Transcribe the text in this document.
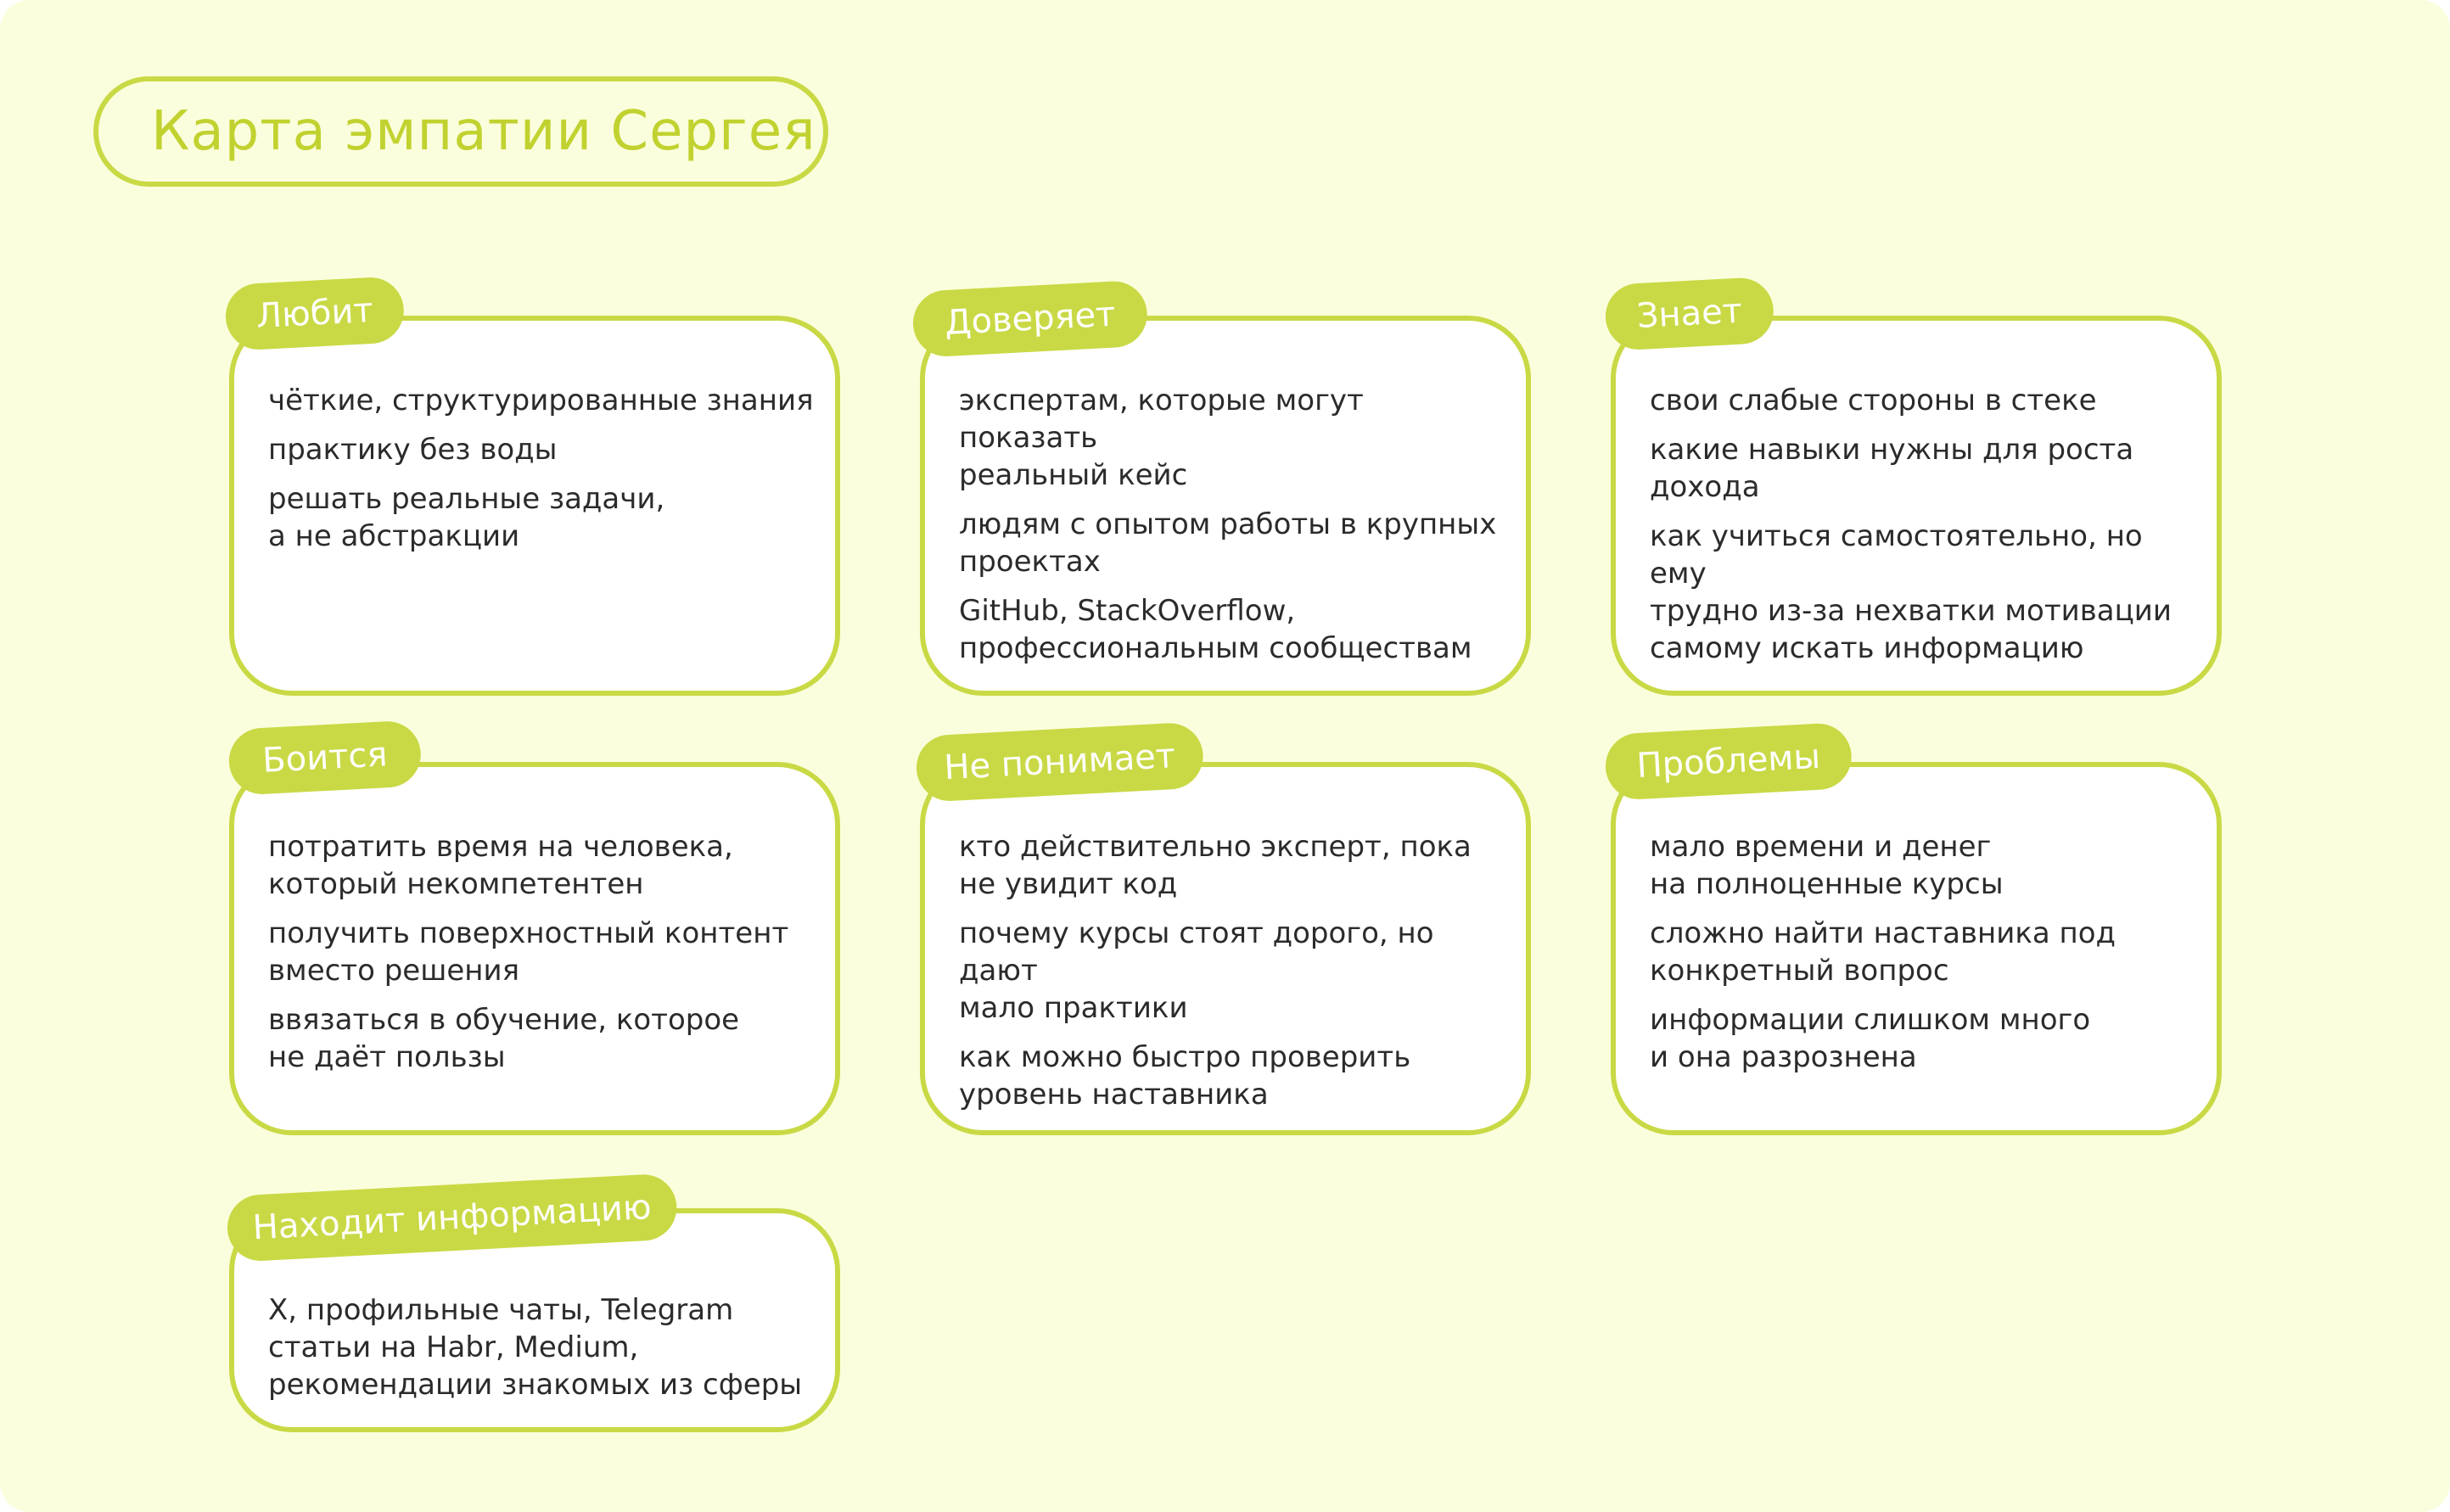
Карта эмпатии Сергея
чёткие, структурированные знания
практику без воды
решать реальные задачи,
а не абстракции
Любит
экспертам, которые могут показать
реальный кейс
людям с опытом работы в крупных
проектах
GitHub, StackOverflow,
профессиональным сообществам
Доверяет
свои слабые стороны в стеке
какие навыки нужны для роста
дохода
как учиться самостоятельно, но ему
трудно из-за нехватки мотивации
самому искать информацию
Знает
потратить время на человека,
который некомпетентен
получить поверхностный контент
вместо решения
ввязаться в обучение, которое
не даёт пользы
Боится
кто действительно эксперт, пока
не увидит код
почему курсы стоят дорого, но дают
мало практики
как можно быстро проверить
уровень наставника
Не понимает
мало времени и денег
на полноценные курсы
сложно найти наставника под
конкретный вопрос
информации слишком много
и она разрознена
Проблемы
X, профильные чаты, Telegram
статьи на Habr, Medium,
рекомендации знакомых из сферы
Находит информацию
